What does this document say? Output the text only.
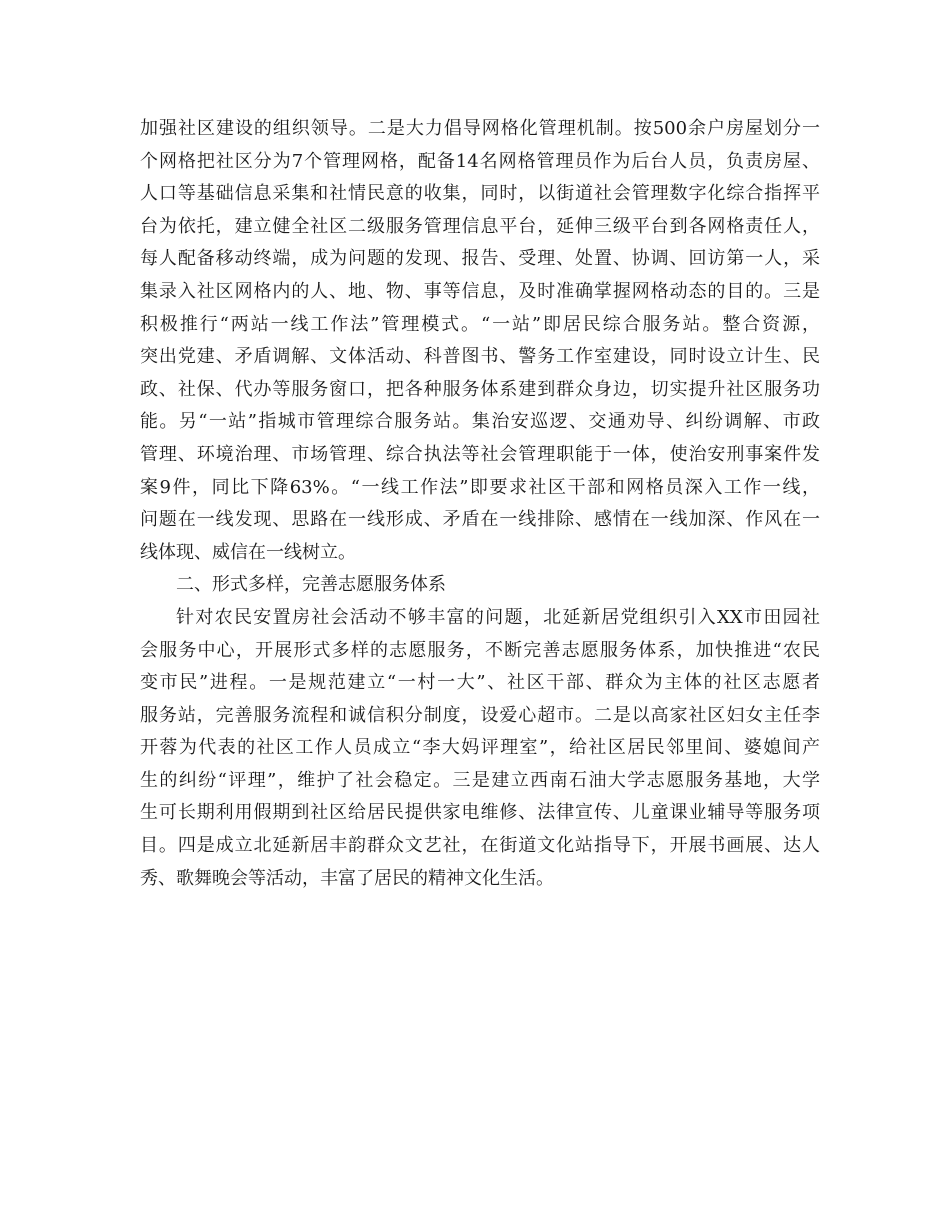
加强社区建设的组织领导。二是大力倡导网格化管理机制。按500余户房屋划分一
个网格把社区分为7个管理网格，配备14名网格管理员作为后台人员，负责房屋、
人口等基础信息采集和社情民意的收集，同时，以街道社会管理数字化综合指挥平
台为依托，建立健全社区二级服务管理信息平台，延伸三级平台到各网格责任人，
每人配备移动终端，成为问题的发现、报告、受理、处置、协调、回访第一人，采
集录入社区网格内的人、地、物、事等信息，及时准确掌握网格动态的目的。三是
积极推行“两站一线工作法”管理模式。“一站”即居民综合服务站。整合资源，
突出党建、矛盾调解、文体活动、科普图书、警务工作室建设，同时设立计生、民
政、社保、代办等服务窗口，把各种服务体系建到群众身边，切实提升社区服务功
能。另“一站”指城市管理综合服务站。集治安巡逻、交通劝导、纠纷调解、市政
管理、环境治理、市场管理、综合执法等社会管理职能于一体，使治安刑事案件发
案9件，同比下降63%。“一线工作法”即要求社区干部和网格员深入工作一线，
问题在一线发现、思路在一线形成、矛盾在一线排除、感情在一线加深、作风在一
线体现、威信在一线树立。
二、形式多样，完善志愿服务体系
针对农民安置房社会活动不够丰富的问题，北延新居党组织引入XX市田园社
会服务中心，开展形式多样的志愿服务，不断完善志愿服务体系，加快推进“农民
变市民”进程。一是规范建立“一村一大”、社区干部、群众为主体的社区志愿者
服务站，完善服务流程和诚信积分制度，设爱心超市。二是以高家社区妇女主任李
开蓉为代表的社区工作人员成立“李大妈评理室”，给社区居民邻里间、婆媳间产
生的纠纷“评理”，维护了社会稳定。三是建立西南石油大学志愿服务基地，大学
生可长期利用假期到社区给居民提供家电维修、法律宣传、儿童课业辅导等服务项
目。四是成立北延新居丰韵群众文艺社，在街道文化站指导下，开展书画展、达人
秀、歌舞晚会等活动，丰富了居民的精神文化生活。
